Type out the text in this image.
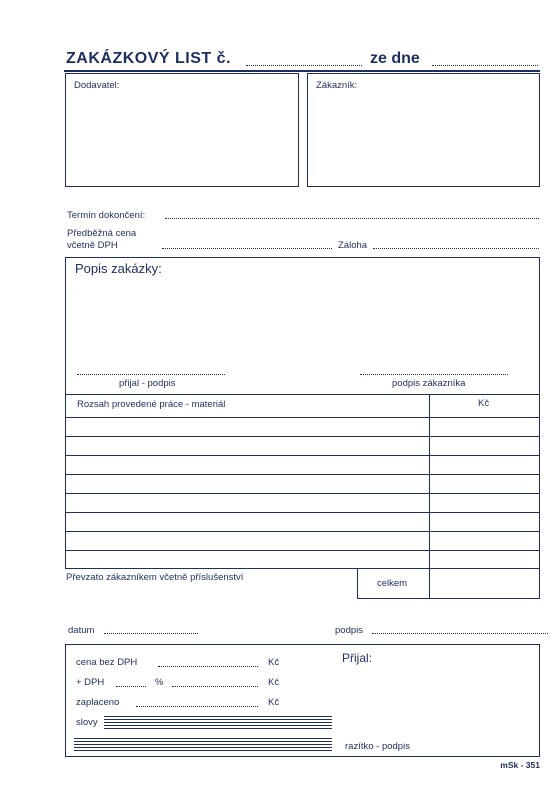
ZAKÁZKOVÝ LIST č.	ze dne
Dodavatel:	Zákazník:
Termín dokončení:
Předběžná cena
včetně DPH	Záloha
Popis zakázky:
přijal - podpis	podpis zákazníka
Rozsah provedené práce - materiál	Kč
Převzato zákazníkem včetně příslušenství
celkem
datum	podpis
cena bez DPH	Kč
+ DPH	%	Kč
zaplaceno	Kč
slovy
Přijal:
razítko - podpis
mSk - 351
